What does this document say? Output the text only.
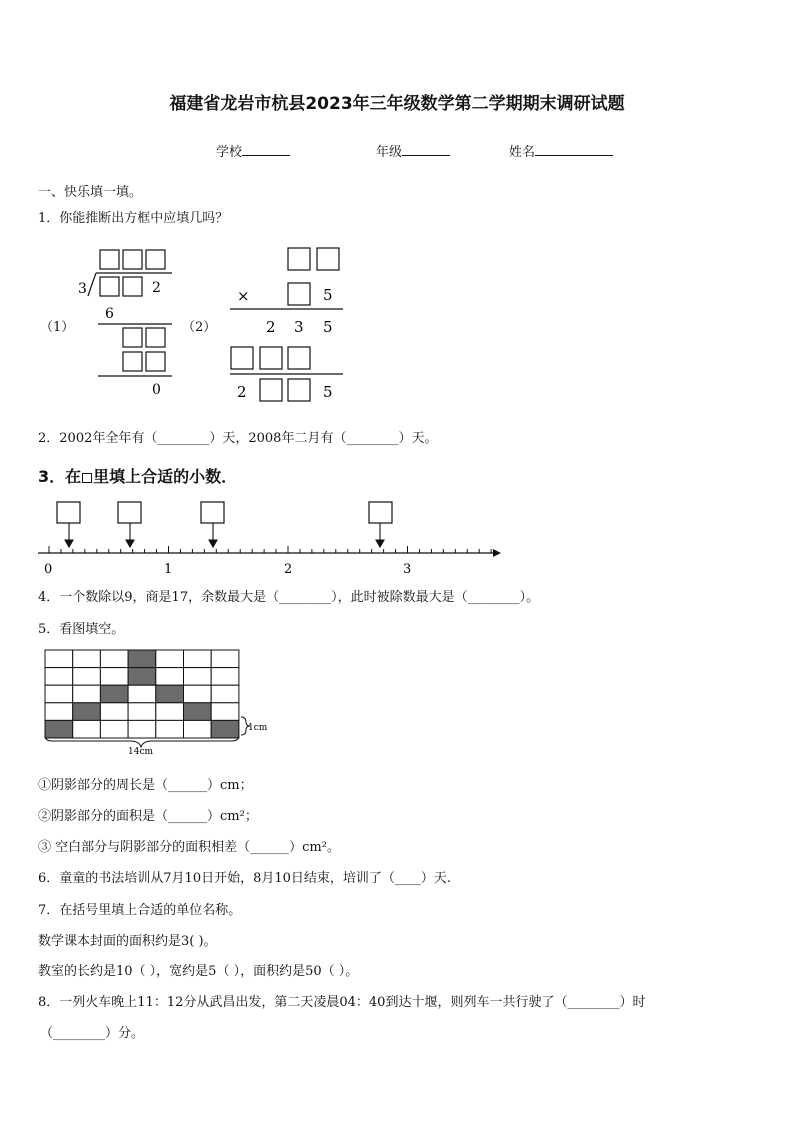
福建省龙岩市杭县2023年三年级数学第二学期期末调研试题
学校	年级	姓名
一、快乐填一填。
1．你能推断出方框中应填几吗？
（1）	（2）
3	2
6
0
×	5
2 3 5
2	5
2．2002年全年有（________）天，2008年二月有（________）天。
3．在 里填上合适的小数．
0	1	2	3
4．一个数除以9，商是17，余数最大是（________），此时被除数最大是（________）。
5．看图填空。
1cm
14cm
①阴影部分的周长是（______）cm；
②阴影部分的面积是（______）cm²；
③ 空白部分与阴影部分的面积相差（______）cm²。
6．童童的书法培训从7月10日开始，8月10日结束，培训了（____）天.
7．在括号里填上合适的单位名称。
数学课本封面的面积约是3( )。
教室的长约是10（ ），宽约是5（ ），面积约是50（ ）。
8．一列火车晚上11：12分从武昌出发，第二天凌晨04：40到达十堰，则列车一共行驶了（________）时
（________）分。
